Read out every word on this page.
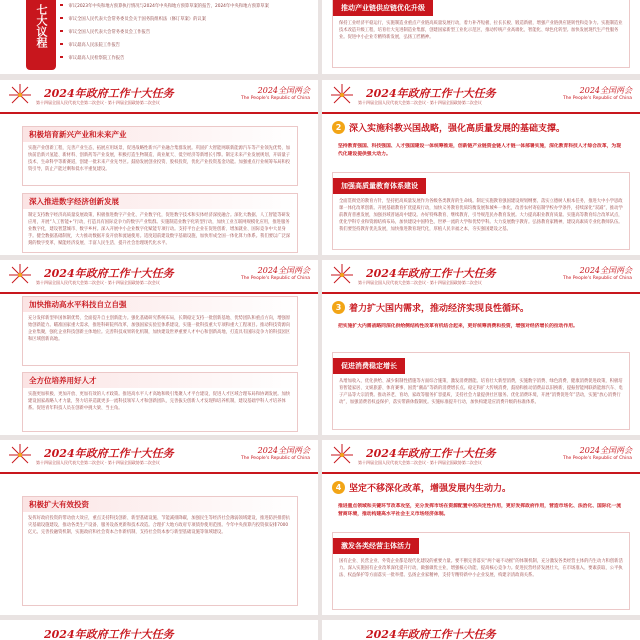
七大议程	审议2023年中央和地方预算执行情况与2024年中央和地方预算草案的报告，2024年中央和地方预算草案
审议全国人民代表大会常务委员会关于国务院组织法（修订草案）的议案
审议全国人民代表大会常务委员会工作报告
审议最高人民法院工作报告
审议最高人民检察院工作报告
推动产业链供应链优化升级
保持工业经济平稳运行，实施制造业重点产业链高质量发展行动，着力补齐短板、拉长长板、锻造新板，增强产业链供应链韧性和竞争力。实施制造业技术改造升级工程，培育壮大先进制造业集群，创建国家新型工业化示范区，推动传统产业高端化、智能化、绿色化转型。加快发展现代生产性服务业。促进中小企业专精特新发展，弘扬工匠精神。
2024年政府工作十大任务
第十四届全国人民代表大会第二次会议 · 第十四届全国政协第二次会议
2024全国两会
The People's Republic of China
积极培育新兴产业和未来产业
实施产业创新工程，完善产业生态，拓展应用场景，促进战略性新兴产业融合集群发展。巩固扩大智能网联新能源汽车等产业领先优势，加快前沿新兴氢能、新材料、创新药等产业发展，积极打造生物制造、商业航天、低空经济等新增长引擎。制定未来产业发展规划，开辟量子技术、生命科学等新赛道，创建一批未来产业先导区。鼓励发展创业投资、股权投资，优化产业投资基金功能。加强重点行业统筹布局和投资引导，防止产能过剩和低水平重复建设。
深入推进数字经济创新发展
制定支持数字经济高质量发展政策，积极推进数字产业化、产业数字化，促进数字技术和实体经济深度融合。深化大数据、人工智能等研发应用，开展“人工智能+”行动，打造具有国际竞争力的数字产业集群。实施制造业数字化转型行动，加快工业互联网规模化应用，推进服务业数字化，建设智慧城市、数字乡村。深入开展中小企业数字化赋能专项行动。支持平台企业在促进创新、增加就业、国际竞争中大显身手。健全数据基础制度，大力推动数据开发开放和流通使用。适度超前建设数字基础设施，加快形成全国一体化算力体系。我们要以广泛深刻的数字变革，赋能经济发展、丰富人民生活、提升社会治理现代化水平。
2024年政府工作十大任务
第十四届全国人民代表大会第二次会议 · 第十四届全国政协第二次会议
2024全国两会
The People's Republic of China
2 深入实施科教兴国战略，强化高质量发展的基础支撑。
坚持教育强国、科技强国、人才强国建设一体统筹推进，创新链产业链资金链人才链一体部署实施，深化教育科技人才综合改革，为现代化建设提供强大动力。
加强高质量教育体系建设
全面贯彻党的教育方针，坚持把高质量发展作为各级各类教育的生命线。制定实施教育强国建设规划纲要。落实立德树人根本任务，推进大中小学思政课一体化改革创新。开展基础教育扩优提质行动，加快义务教育优质均衡发展和城乡一体化，改善农村寄宿制学校办学条件，持续深化“双减”，推动学前教育普惠发展，加强县域普通高中建设。办好特殊教育、继续教育，引导规范民办教育发展。大力提高职业教育质量。实施高等教育综合改革试点，优化学科专业和资源结构布局，加快建设中国特色、世界一流的大学和优势学科。大力发展数字教育。弘扬教育家精神，建设高素质专业化教师队伍。我们要坚持教育优先发展，加快推进教育现代化，厚植人民幸福之本，夯实强国建设之基。
2024年政府工作十大任务
第十四届全国人民代表大会第二次会议 · 第十四届全国政协第二次会议
2024全国两会
The People's Republic of China
加快推动高水平科技自立自强
充分发挥新型举国体制优势，全面提升自主创新能力。强化基础研究系统布局，长期稳定支持一批创新基地、优势团队和重点方向，增强原始创新能力。瞄准国家重大需求，推进科研院所改革，加强国家实验室体系建设，实施一批科技重大专项和重大工程项目。推动科技资源向企业集聚，强化企业科技创新主体地位。完善科技成果转化机制，加快建设世界重要人才中心和创新高地，打造具有国际竞争力的科技园区和区域创新高地。
全方位培养用好人才
实施更加积极、更加开放、更加有效的人才政策。推进高水平人才高地和吸引集聚人才平台建设，促进人才区域合理布局和协调发展。加快建设国家战略人才力量，努力培养造就更多一流科技领军人才和创新团队，完善拔尖创新人才发现和培养机制，建设基础学科人才培养体系。促进青年科技人员在创新中挑大梁、当主角。
2024年政府工作十大任务
第十四届全国人民代表大会第二次会议 · 第十四届全国政协第二次会议
2024全国两会
The People's Republic of China
3 着力扩大国内需求，推动经济实现良性循环。
把实施扩大内需战略同深化供给侧结构性改革有机结合起来，更好统筹消费和投资，增强对经济增长的拉动作用。
促进消费稳定增长
从增加收入、优化供给、减少限制性措施等方面综合施策，激发消费潜能。培育壮大新型消费，实施数字消费、绿色消费、健康消费促进政策，积极培育智能家居、文娱旅游、体育赛事、国货“潮品”等新的消费增长点。稳定和扩大传统消费，鼓励和推动消费品以旧换新，提振智能网联新能源汽车、电子产品等大宗消费。推动养老、育幼、家政等服务扩容提质，支持社会力量提供社区服务。优化消费环境，开展“消费促进年”活动，实施“放心消费行动”，加强消费者权益保护，落实带薪休假制度。实施标准提升行动，加快构建适应消费升级的标准体系。
2024年政府工作十大任务
第十四届全国人民代表大会第二次会议 · 第十四届全国政协第二次会议
2024全国两会
The People's Republic of China
积极扩大有效投资
发挥好政府投资的带动放大效应，重点支持科技创新、新型基础设施、节能减排降碳，加强民生等经济社会薄弱领域建设，推进防洪排涝抗灾基础设施建设，推动各类生产设备、服务设备更新和技术改造。合理扩大地方政府专项债券使用范围。今年中央预算内投资拟安排7000亿元。完善投融资机制，实施政府和社会资本合作新机制，支持社会资本参与新型基础设施等领域建设。
2024年政府工作十大任务
第十四届全国人民代表大会第二次会议 · 第十四届全国政协第二次会议
2024全国两会
The People's Republic of China
4 坚定不移深化改革，增强发展内生动力。
推进重点领域和关键环节改革攻坚，充分发挥市场在资源配置中的决定性作用，更好发挥政府作用，营造市场化、法治化、国际化一流营商环境，推动构建高水平社会主义市场经济体制。
激发各类经营主体活力
国有企业、民营企业、外资企业都是现代化建设的重要力量。要不断完善落实“两个毫不动摇”的体制机制，充分激发各类经营主体的内生动力和创新活力。深入实施国有企业改革深化提升行动，做强做优主业，增强核心功能、提高核心竞争力。促进民营经济发展壮大，在市场准入、要素获取、公平执法、权益保护等方面落实一批举措。弘扬企业家精神，支持专精特新中小企业发展，构建亲清政商关系。
2024年政府工作十大任务	2024年政府工作十大任务
